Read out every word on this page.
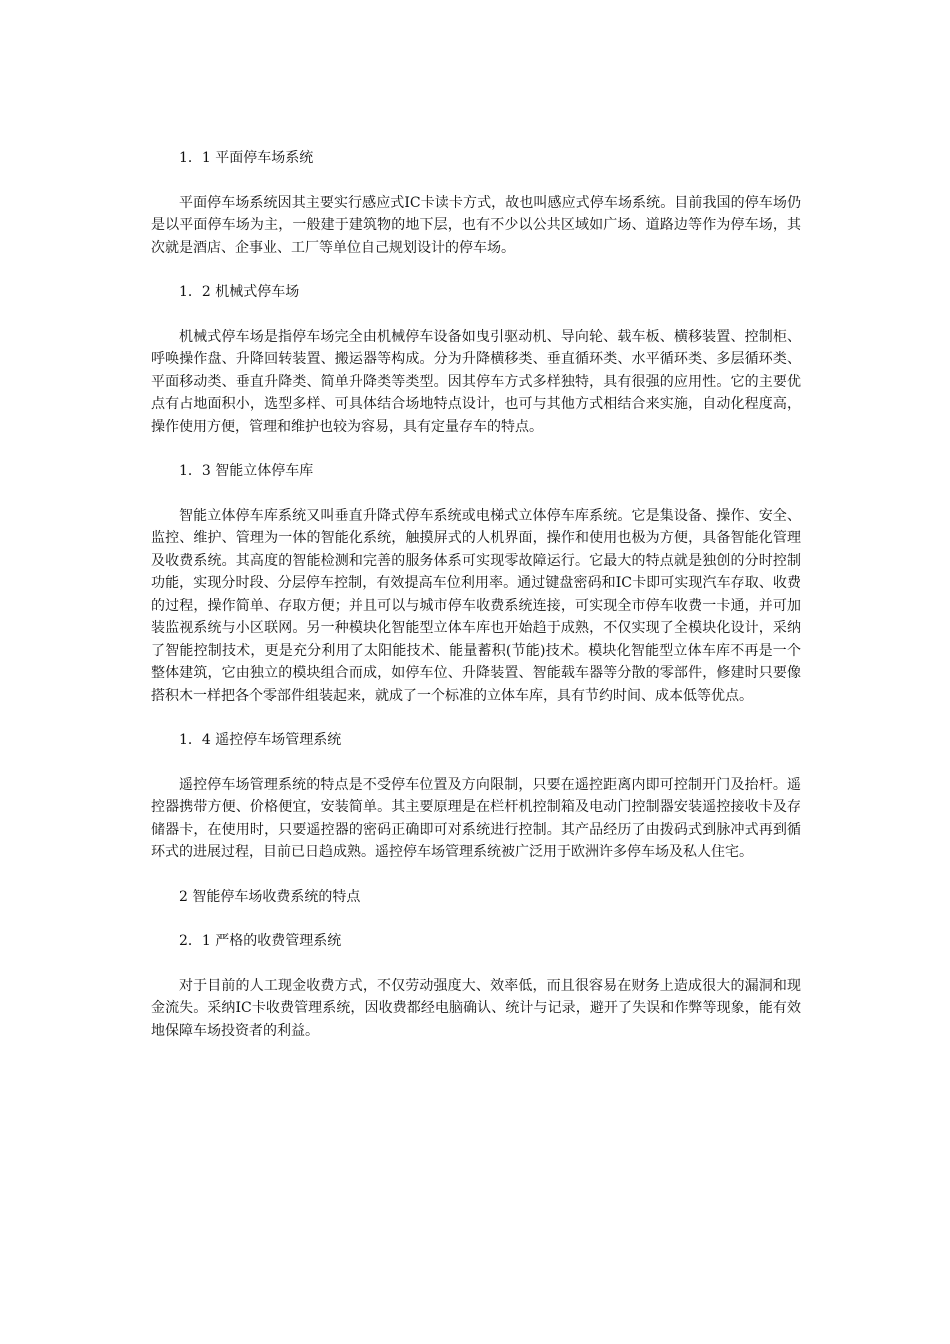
1．1 平面停车场系统

平面停车场系统因其主要实行感应式IC卡读卡方式，故也叫感应式停车场系统。目前我国的停车场仍是以平面停车场为主，一般建于建筑物的地下层，也有不少以公共区域如广场、道路边等作为停车场，其次就是酒店、企事业、工厂等单位自己规划设计的停车场。

1．2 机械式停车场

机械式停车场是指停车场完全由机械停车设备如曳引驱动机、导向轮、载车板、横移装置、控制柜、呼唤操作盘、升降回转装置、搬运器等构成。分为升降横移类、垂直循环类、水平循环类、多层循环类、平面移动类、垂直升降类、简单升降类等类型。因其停车方式多样独特，具有很强的应用性。它的主要优点有占地面积小，选型多样、可具体结合场地特点设计，也可与其他方式相结合来实施，自动化程度高，操作使用方便，管理和维护也较为容易，具有定量存车的特点。

1．3 智能立体停车库

智能立体停车库系统又叫垂直升降式停车系统或电梯式立体停车库系统。它是集设备、操作、安全、监控、维护、管理为一体的智能化系统，触摸屏式的人机界面，操作和使用也极为方便，具备智能化管理及收费系统。其高度的智能检测和完善的服务体系可实现零故障运行。它最大的特点就是独创的分时控制功能，实现分时段、分层停车控制，有效提高车位利用率。通过键盘密码和IC卡即可实现汽车存取、收费的过程，操作简单、存取方便；并且可以与城市停车收费系统连接，可实现全市停车收费一卡通，并可加装监视系统与小区联网。另一种模块化智能型立体车库也开始趋于成熟，不仅实现了全模块化设计，采纳了智能控制技术，更是充分利用了太阳能技术、能量蓄积(节能)技术。模块化智能型立体车库不再是一个整体建筑，它由独立的模块组合而成，如停车位、升降装置、智能载车器等分散的零部件，修建时只要像搭积木一样把各个零部件组装起来，就成了一个标准的立体车库，具有节约时间、成本低等优点。

1．4 遥控停车场管理系统

遥控停车场管理系统的特点是不受停车位置及方向限制，只要在遥控距离内即可控制开门及抬杆。遥控器携带方便、价格便宜，安装简单。其主要原理是在栏杆机控制箱及电动门控制器安装遥控接收卡及存储器卡，在使用时，只要遥控器的密码正确即可对系统进行控制。其产品经历了由拨码式到脉冲式再到循环式的进展过程，目前已日趋成熟。遥控停车场管理系统被广泛用于欧洲许多停车场及私人住宅。

2 智能停车场收费系统的特点

2．1 严格的收费管理系统

对于目前的人工现金收费方式，不仅劳动强度大、效率低，而且很容易在财务上造成很大的漏洞和现金流失。采纳IC卡收费管理系统，因收费都经电脑确认、统计与记录，避开了失误和作弊等现象，能有效地保障车场投资者的利益。
